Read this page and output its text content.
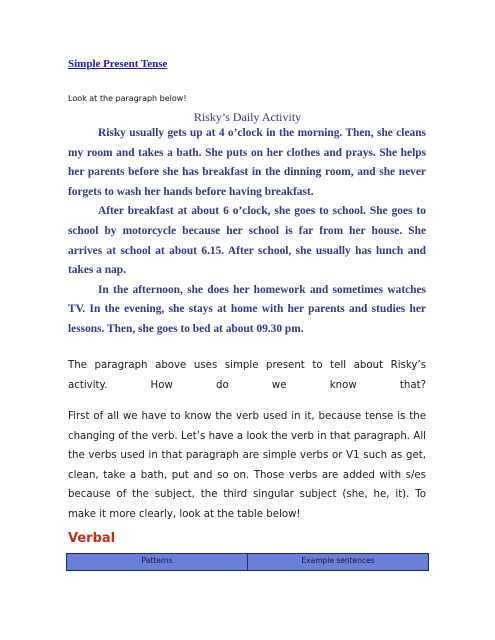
Simple Present Tense
Look at the paragraph below!
Risky’s Daily Activity

Risky usually gets up at 4 o’clock in the morning. Then, she cleans my room and takes a bath. She puts on her clothes and prays. She helps her parents before she has breakfast in the dinning room, and she never forgets to wash her hands before having breakfast.

After breakfast at about 6 o’clock, she goes to school. She goes to school by motorcycle because her school is far from her house. She arrives at school at about 6.15. After school, she usually has lunch and takes a nap.

In the afternoon, she does her homework and sometimes watches TV. In the evening, she stays at home with her parents and studies her lessons. Then, she goes to bed at about 09.30 pm.

The paragraph above uses simple present to tell about Risky’s activity. How do we know that?

First of all we have to know the verb used in it, because tense is the changing of the verb. Let’s have a look the verb in that paragraph. All the verbs used in that paragraph are simple verbs or V1 such as get, clean, take a bath, put and so on. Those verbs are added with s/es because of the subject, the third singular subject (she, he, it). To make it more clearly, look at the table below!

Verbal
Patterns	Example sentences
